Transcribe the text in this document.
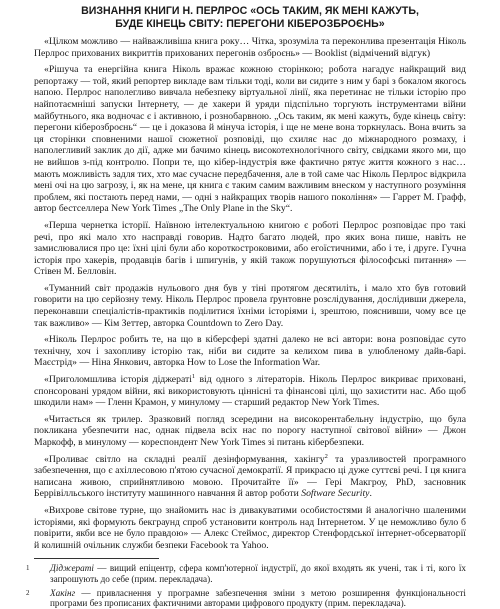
ВИЗНАННЯ КНИГИ Н. ПЕРЛРОС «ОСЬ ТАКИМ, ЯК МЕНІ КАЖУТЬ,
БУДЕ КІНЕЦЬ СВІТУ: ПЕРЕГОНИ КІБЕРОЗБРОЄНЬ»

«Цілком можливо — найважливіша книга року… Чітка, зрозуміла та переконлива презентація Ніколь Перлрос прихованих викриттів прихованих перегонів озброєнь» — Booklist (відмічений відгук)

«Рішуча та енергійна книга Ніколь вражає кожною сторінкою; робота нагадує найкращий вид репортажу — той, який репортер викладе вам тільки тоді, коли ви сидите з ним у барі з бокалом якогось напою. Перлрос наполегливо вивчала небезпеку віртуальної лінії, яка перетинає не тільки історію про найпотаємніші запуски Інтернету, — де хакери й уряди підспільно торгують інструментами війни майбутнього, яка водночас є і активною, і рознобарвною. „Ось таким, як мені кажуть, буде кінець світу: перегони кіберозброєнь“ — це і доказова й мінуча історія, і ще не мене вона торкнулась. Вона вчить за ця сторінки сповненими нашої сюжетної розповіді, що схиляє нас до міжнародного розмаху, і наполегливий заклик до дії, адже ми бачимо кінець високотехнологічного світу, свідками якого ми, що не вийшов з-під контролю. Попри те, що кібер-індустрія вже фактично рятує життя кожного з нас… мають можливість задля тих, хто має сучасне передбачення, але в той саме час Ніколь Перлрос відкрила мені очі на цю загрозу, і, як на мене, ця книга є таким самим важливим внеском у наступного розуміння проблем, які постають перед нами, — одні з найкращих творів нашого покоління» — Гаррет М. Графф, автор бестселлера New York Times „The Only Plane in the Sky“.

«Перша чернетка історії. Наївною інтелектуальною книгою є роботі Перлрос розповідає про такі речі, про які мало хто насправді говорив. Надто багато людей, про яких вона пише, навіть не замислювалися про це: їхні цілі були або короткостроковими, або егоїстичними, або і те, і друге. Гучна історія про хакерів, продавців багів і шпигунів, у якій також порушуються філософські питання» — Стівен М. Белловін.

«Туманний світ продажів нульового дня був у тіні протягом десятиліть, і мало хто був готовий говорити на цю серйозну тему. Ніколь Перлрос провела ґрунтовне розслідування, дослідивши джерела, переконавши спеціалістів-практиків поділитися їхніми історіями і, зрештою, пояснивши, чому все це так важливо» — Кім Зеттер, авторка Countdown to Zero Day.

«Ніколь Перлрос робить те, на що в кіберсфері здатні далеко не всі автори: вона розповідає суто технічну, хоч і захопливу історію так, ніби ви сидите за келихом пива в улюбленому дайв-барі. Маєстрід» — Ніна Янкович, авторка How to Lose the Information War.

«Приголомшлива історія діджераті$^1$ від одного з літераторів. Ніколь Перлрос викриває приховані, спонсоровані урядом війни, які використовують ціннісні та фінансові цілі, що захистити нас. Або щоб шкодили нам» — Гленн Крамон, у минулому — старший редактор New York Times.

«Читається як трилер. Зразковий погляд зсередини на високорентабельну індустрію, що була покликана убезпечити нас, однак підвела всіх нас по порогу наступної світової війни» — Джон Маркофф, в минулому — кореспондент New York Times зі питань кібербезпеки.

«Проливає світло на складні реалії дезінформування, хакінгу$^2$ та уразливостей програмного забезпечення, що є ахіллесовою п'ятою сучасної демократії. Я прикрасю ці дуже суттєві речі. І ця книга написана живою, сприйнятливою мовою. Прочитайте її» — Гері Макгроу, PhD, засновник Беррівілльського інституту машинного навчання й автор роботи Software Security.

«Вихрове світове турне, що знайомить нас із дивакуватими особистостями й аналогічно шаленими історіями, які формують бекграунд спроб установити контроль над Інтернетом. У це неможливо було б повірити, якби все не було правдою» — Алекс Стеймос, директор Стенфордської інтернет-обсерваторії й колишній очільник служби безпеки Facebook та Yahoo.

1 Діджераті — вищий епіцентр, сфера комп'ютерної індустрії, до якої входять як учені, так і ті, кого їх запрошують до себе (прим. перекладача).

2 Хакінг — привласнення у програмне забезпечення зміни з метою розширення функціональності програми без прописаних фактичними авторами цифрового продукту (прим. перекладача).
